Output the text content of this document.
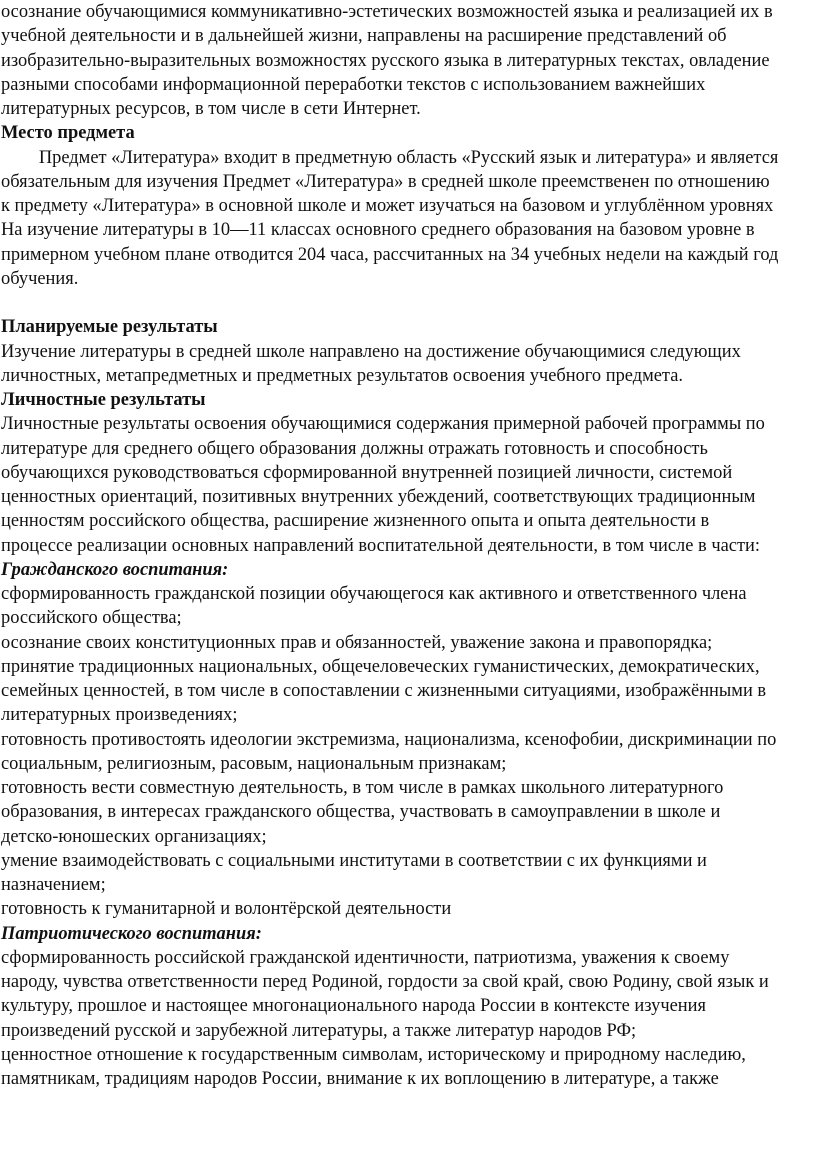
осознание обучающимися коммуникативно-эстетических возможностей языка и реализацией их в
учебной деятельности и в дальнейшей жизни, направлены на расширение представлений об
изобразительно-выразительных возможностях русского языка в литературных текстах, овладение
разными способами информационной переработки текстов с использованием важнейших
литературных ресурсов, в том числе в сети Интернет.
Место предмета
Предмет «Литература» входит в предметную область «Русский язык и литература» и является
обязательным для изучения Предмет «Литература» в средней школе преемственен по отношению
к предмету «Литература» в основной школе и может изучаться на базовом и углублённом уровнях
На изучение литературы в 10—11 классах основного среднего образования на базовом уровне в
примерном учебном плане отводится 204 часа, рассчитанных на 34 учебных недели на каждый год
обучения.
Планируемые результаты
Изучение литературы в средней школе направлено на достижение обучающимися следующих
личностных, метапредметных и предметных результатов освоения учебного предмета.
Личностные результаты
Личностные результаты освоения обучающимися содержания примерной рабочей программы по
литературе для среднего общего образования должны отражать готовность и способность
обучающихся руководствоваться сформированной внутренней позицией личности, системой
ценностных ориентаций, позитивных внутренних убеждений, соответствующих традиционным
ценностям российского общества, расширение жизненного опыта и опыта деятельности в
процессе реализации основных направлений воспитательной деятельности, в том числе в части:
Гражданского воспитания:
сформированность гражданской позиции обучающегося как активного и ответственного члена
российского общества;
осознание своих конституционных прав и обязанностей, уважение закона и правопорядка;
принятие традиционных национальных, общечеловеческих гуманистических, демократических,
семейных ценностей, в том числе в сопоставлении с жизненными ситуациями, изображёнными в
литературных произведениях;
готовность противостоять идеологии экстремизма, национализма, ксенофобии, дискриминации по
социальным, религиозным, расовым, национальным признакам;
готовность вести совместную деятельность, в том числе в рамках школьного литературного
образования, в интересах гражданского общества, участвовать в самоуправлении в школе и
детско-юношеских организациях;
умение взаимодействовать с социальными институтами в соответствии с их функциями и
назначением;
готовность к гуманитарной и волонтёрской деятельности
Патриотического воспитания:
сформированность российской гражданской идентичности, патриотизма, уважения к своему
народу, чувства ответственности перед Родиной, гордости за свой край, свою Родину, свой язык и
культуру, прошлое и настоящее многонационального народа России в контексте изучения
произведений русской и зарубежной литературы, а также литератур народов РФ;
ценностное отношение к государственным символам, историческому и природному наследию,
памятникам, традициям народов России, внимание к их воплощению в литературе, а также
